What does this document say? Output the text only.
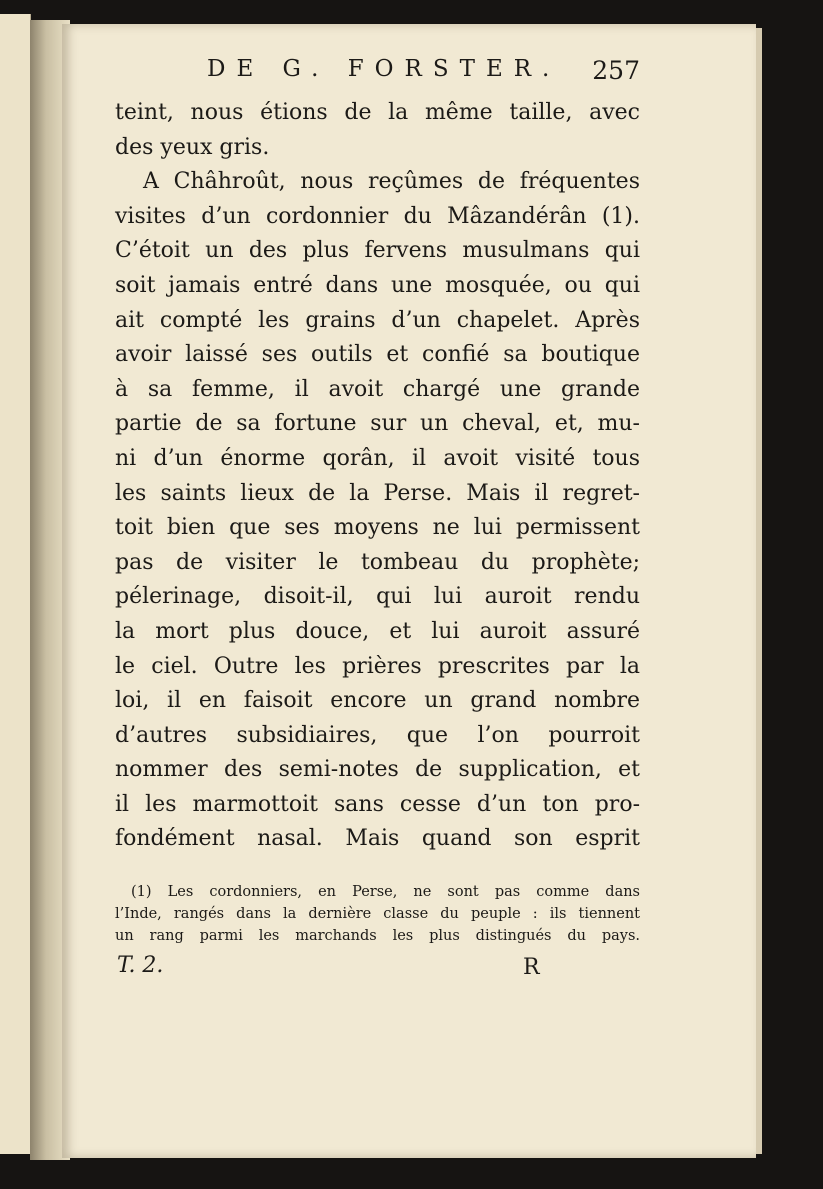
DE G. FORSTER. 257
teint, nous étions de la même taille, avec
des yeux gris.
A Châhroût, nous reçûmes de fréquentes
visites d’un cordonnier du Mâzandérân (1).
C’étoit un des plus fervens musulmans qui
soit jamais entré dans une mosquée, ou qui
ait compté les grains d’un chapelet. Après
avoir laissé ses outils et confié sa boutique
à sa femme, il avoit chargé une grande
partie de sa fortune sur un cheval, et, mu-
ni d’un énorme qorân, il avoit visité tous
les saints lieux de la Perse. Mais il regret-
toit bien que ses moyens ne lui permissent
pas de visiter le tombeau du prophète;
pélerinage, disoit-il, qui lui auroit rendu
la mort plus douce, et lui auroit assuré
le ciel. Outre les prières prescrites par la
loi, il en faisoit encore un grand nombre
d’autres subsidiaires, que l’on pourroit
nommer des semi-notes de supplication, et
il les marmottoit sans cesse d’un ton pro-
fondément nasal. Mais quand son esprit
(1) Les cordonniers, en Perse, ne sont pas comme dans
l’Inde, rangés dans la dernière classe du peuple : ils tiennent
un rang parmi les marchands les plus distingués du pays.
T. 2.	R
